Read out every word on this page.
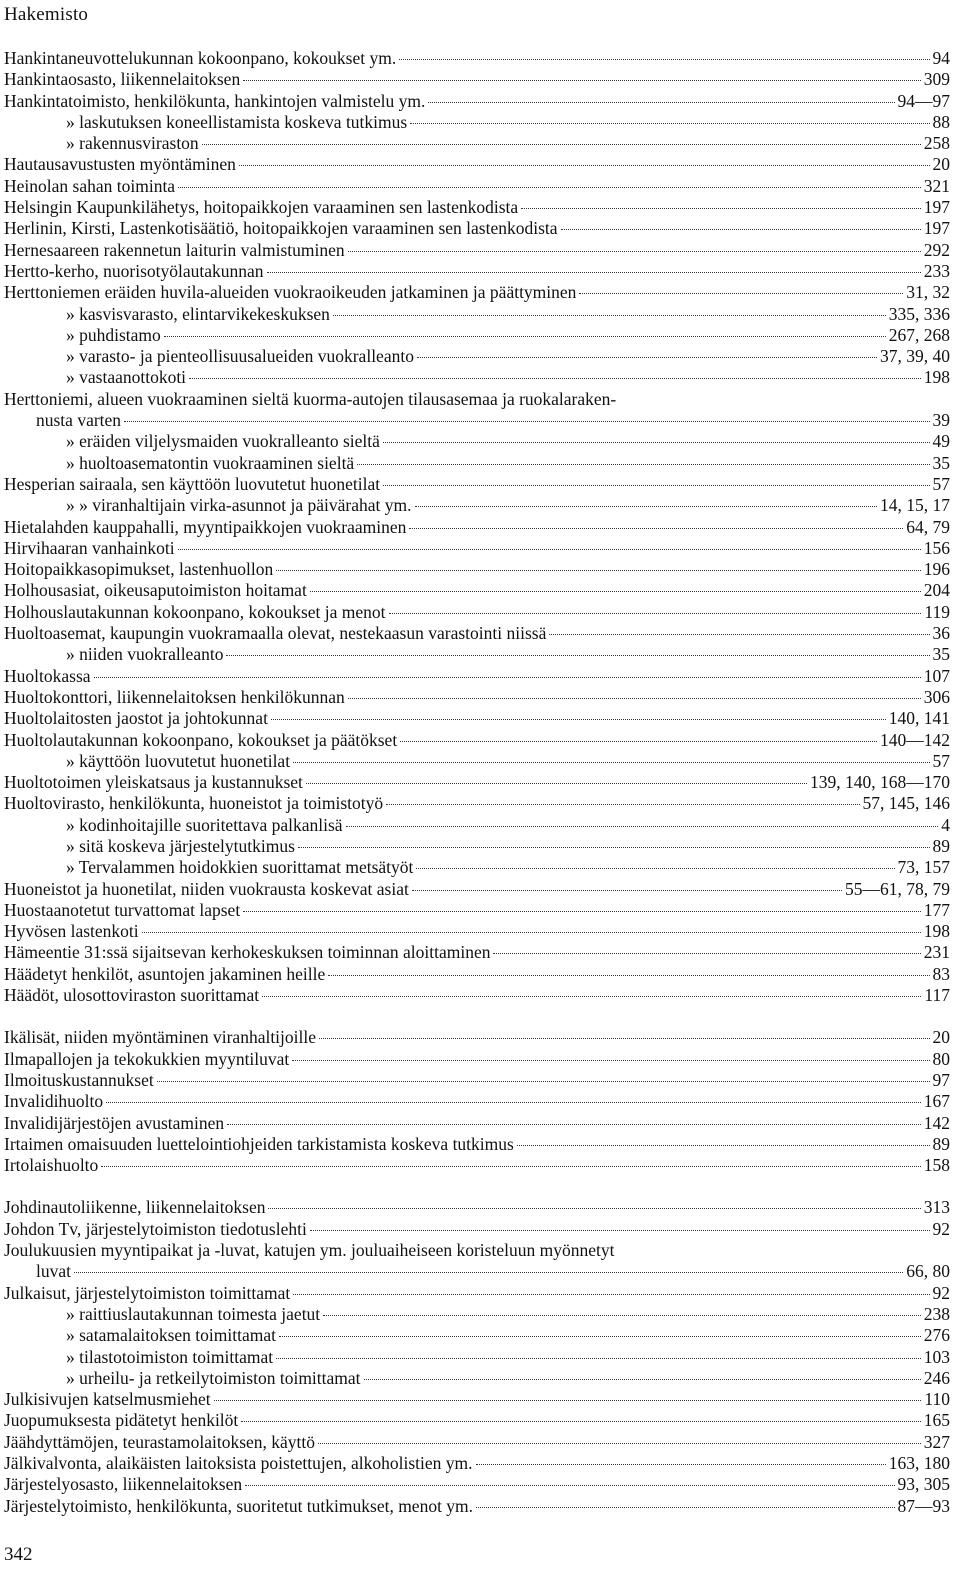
Hakemisto
Hankintaneuvottelukunnan kokoonpano, kokoukset ym.	94
Hankintaosasto, liikennelaitoksen	309
Hankintatoimisto, henkilökunta, hankintojen valmistelu ym.	94—97
» laskutuksen koneellistamista koskeva tutkimus	88
» rakennusviraston	258
Hautausavustusten myöntäminen	20
Heinolan sahan toiminta	321
Helsingin Kaupunkilähetys, hoitopaikkojen varaaminen sen lastenkodista	197
Herlinin, Kirsti, Lastenkotisäätiö, hoitopaikkojen varaaminen sen lastenkodista	197
Hernesaareen rakennetun laiturin valmistuminen	292
Hertto-kerho, nuorisotyölautakunnan	233
Herttoniemen eräiden huvila-alueiden vuokraoikeuden jatkaminen ja päättyminen	31, 32
» kasvisvarasto, elintarvikekeskuksen	335, 336
» puhdistamo	267, 268
» varasto- ja pienteollisuusalueiden vuokralleanto	37, 39, 40
» vastaanottokoti	198
Herttoniemi, alueen vuokraaminen sieltä kuorma-autojen tilausasemaa ja ruokalaraken-
nusta varten	39
» eräiden viljelysmaiden vuokralleanto sieltä	49
» huoltoasematontin vuokraaminen sieltä	35
Hesperian sairaala, sen käyttöön luovutetut huonetilat	57
» » viranhaltijain virka-asunnot ja päivärahat ym.	14, 15, 17
Hietalahden kauppahalli, myyntipaikkojen vuokraaminen	64, 79
Hirvihaaran vanhainkoti	156
Hoitopaikkasopimukset, lastenhuollon	196
Holhousasiat, oikeusaputoimiston hoitamat	204
Holhouslautakunnan kokoonpano, kokoukset ja menot	119
Huoltoasemat, kaupungin vuokramaalla olevat, nestekaasun varastointi niissä	36
» niiden vuokralleanto	35
Huoltokassa	107
Huoltokonttori, liikennelaitoksen henkilökunnan	306
Huoltolaitosten jaostot ja johtokunnat	140, 141
Huoltolautakunnan kokoonpano, kokoukset ja päätökset	140—142
» käyttöön luovutetut huonetilat	57
Huoltotoimen yleiskatsaus ja kustannukset	139, 140, 168—170
Huoltovirasto, henkilökunta, huoneistot ja toimistotyö	57, 145, 146
» kodinhoitajille suoritettava palkanlisä	4
» sitä koskeva järjestelytutkimus	89
» Tervalammen hoidokkien suorittamat metsätyöt	73, 157
Huoneistot ja huonetilat, niiden vuokrausta koskevat asiat	55—61, 78, 79
Huostaanotetut turvattomat lapset	177
Hyvösen lastenkoti	198
Hämeentie 31:ssä sijaitsevan kerhokeskuksen toiminnan aloittaminen	231
Häädetyt henkilöt, asuntojen jakaminen heille	83
Häädöt, ulosottoviraston suorittamat	117
Ikälisät, niiden myöntäminen viranhaltijoille	20
Ilmapallojen ja tekokukkien myyntiluvat	80
Ilmoituskustannukset	97
Invalidihuolto	167
Invalidijärjestöjen avustaminen	142
Irtaimen omaisuuden luettelointiohjeiden tarkistamista koskeva tutkimus	89
Irtolaishuolto	158
Johdinautoliikenne, liikennelaitoksen	313
Johdon Tv, järjestelytoimiston tiedotuslehti	92
Joulukuusien myyntipaikat ja -luvat, katujen ym. jouluaiheiseen koristeluun myönnetyt
luvat	66, 80
Julkaisut, järjestelytoimiston toimittamat	92
» raittiuslautakunnan toimesta jaetut	238
» satamalaitoksen toimittamat	276
» tilastotoimiston toimittamat	103
» urheilu- ja retkeilytoimiston toimittamat	246
Julkisivujen katselmusmiehet	110
Juopumuksesta pidätetyt henkilöt	165
Jäähdyttämöjen, teurastamolaitoksen, käyttö	327
Jälkivalvonta, alaikäisten laitoksista poistettujen, alkoholistien ym.	163, 180
Järjestelyosasto, liikennelaitoksen	93, 305
Järjestelytoimisto, henkilökunta, suoritetut tutkimukset, menot ym.	87—93
342
